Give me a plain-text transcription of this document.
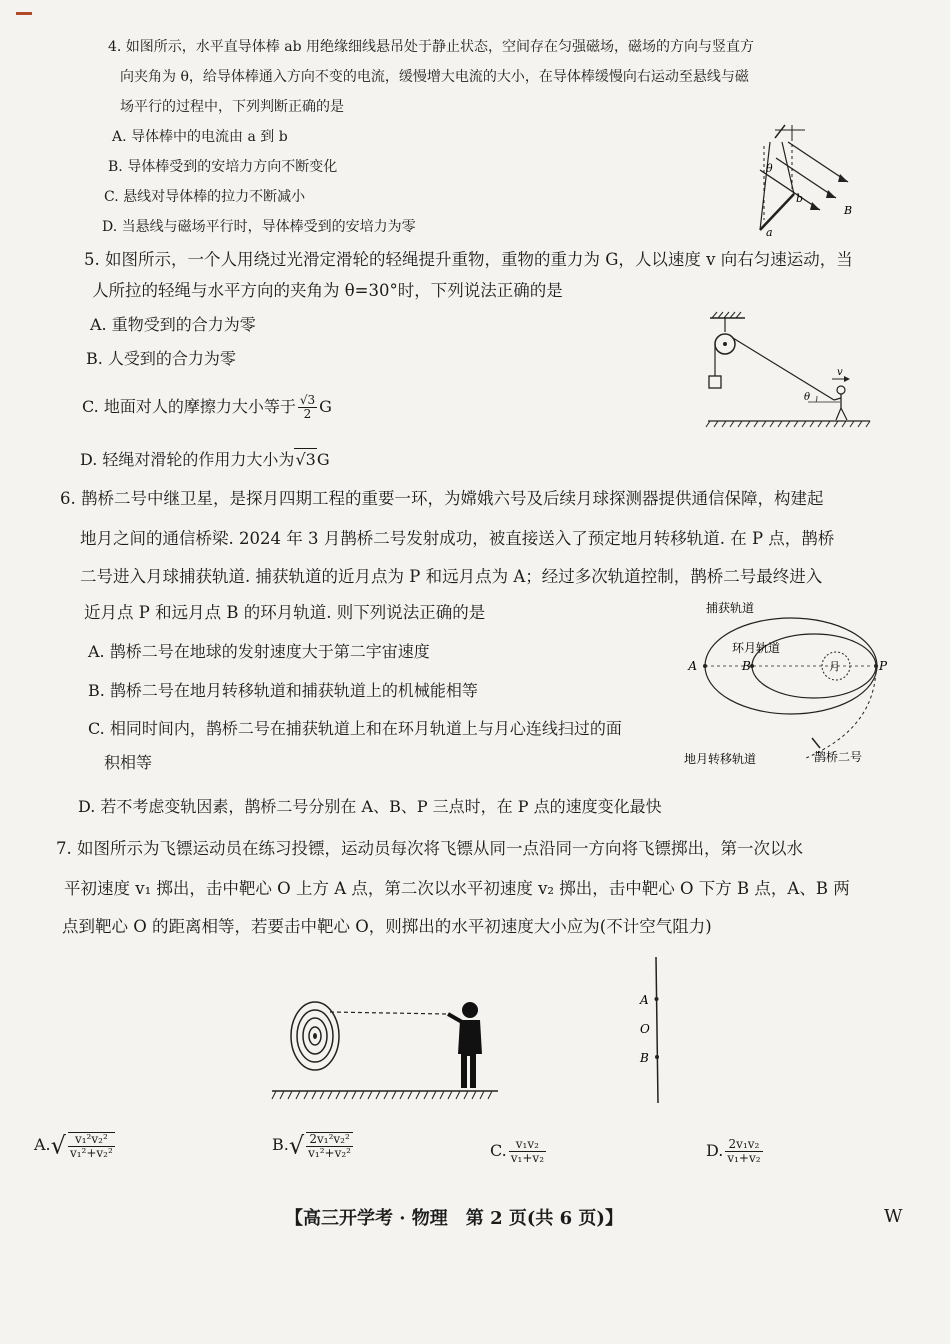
4. 如图所示，水平直导体棒 ab 用绝缘细线悬吊处于静止状态，空间存在匀强磁场，磁场的方向与竖直方
向夹角为 θ，给导体棒通入方向不变的电流，缓慢增大电流的大小，在导体棒缓慢向右运动至悬线与磁
场平行的过程中，下列判断正确的是
A. 导体棒中的电流由 a 到 b
B. 导体棒受到的安培力方向不断变化
C. 悬线对导体棒的拉力不断减小
D. 当悬线与磁场平行时，导体棒受到的安培力为零
θ
a
b
B
5. 如图所示，一个人用绕过光滑定滑轮的轻绳提升重物，重物的重力为 G，人以速度 v 向右匀速运动，当
人所拉的轻绳与水平方向的夹角为 θ=30°时，下列说法正确的是
A. 重物受到的合力为零
B. 人受到的合力为零
C. 地面对人的摩擦力大小等于 $\frac{√3}{2}$ G
D. 轻绳对滑轮的作用力大小为√3G
v
θ
6. 鹊桥二号中继卫星，是探月四期工程的重要一环，为嫦娥六号及后续月球探测器提供通信保障，构建起
地月之间的通信桥梁. 2024 年 3 月鹊桥二号发射成功，被直接送入了预定地月转移轨道. 在 P 点，鹊桥
二号进入月球捕获轨道. 捕获轨道的近月点为 P 和远月点为 A；经过多次轨道控制，鹊桥二号最终进入
近月点 P 和远月点 B 的环月轨道. 则下列说法正确的是
A. 鹊桥二号在地球的发射速度大于第二宇宙速度
B. 鹊桥二号在地月转移轨道和捕获轨道上的机械能相等
C. 相同时间内，鹊桥二号在捕获轨道上和在环月轨道上与月心连线扫过的面
积相等
D. 若不考虑变轨因素，鹊桥二号分别在 A、B、P 三点时，在 P 点的速度变化最快
捕获轨道
环月轨道
月
A	B	P
地月转移轨道	鹊桥二号
7. 如图所示为飞镖运动员在练习投镖，运动员每次将飞镖从同一点沿同一方向将飞镖掷出，第一次以水
平初速度 v₁ 掷出，击中靶心 O 上方 A 点，第二次以水平初速度 v₂ 掷出，击中靶心 O 下方 B 点，A、B 两
点到靶心 O 的距离相等，若要击中靶心 O，则掷出的水平初速度大小应为(不计空气阻力)
A
O
B
$A.√ \frac{\text{v₁²v₂²}}{\text{v₁²+v₂²}}$	$B.√ \frac{\text{2v₁²v₂²}}{\text{v₁²+v₂²}}$	C. $\frac{\text{v₁v₂}}{\text{v₁+v₂}}$	D. $\frac{\text{2v₁v₂}}{\text{v₁+v₂}}$
【高三开学考 · 物理　第 2 页(共 6 页)】	W
